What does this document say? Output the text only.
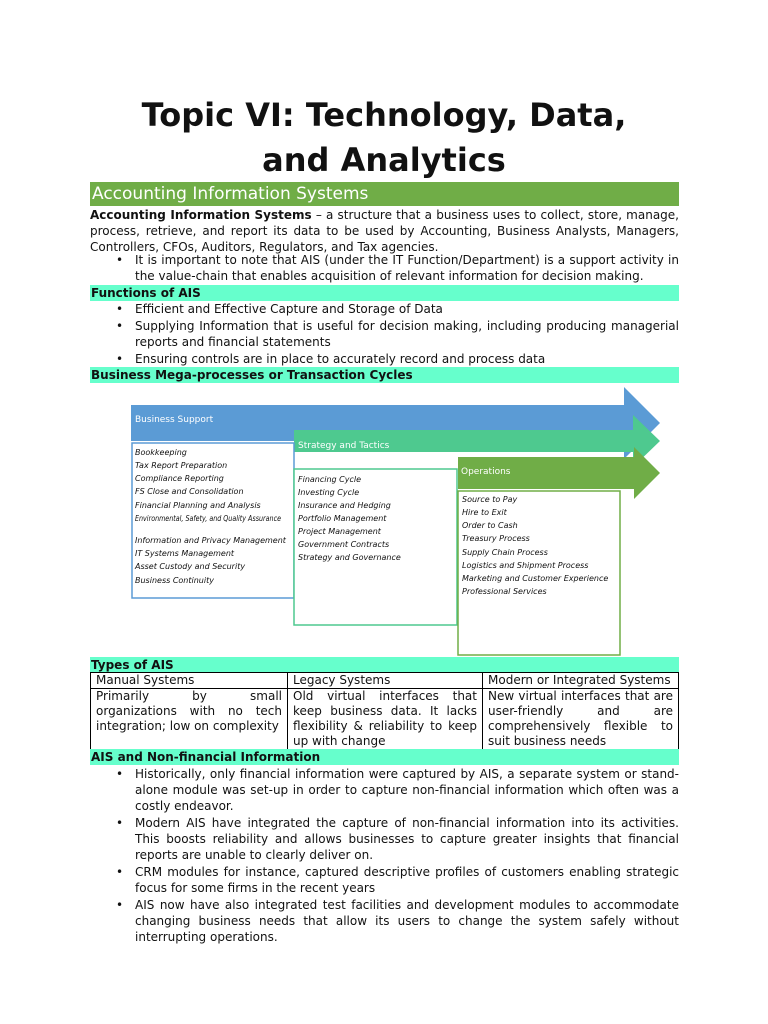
Topic VI: Technology, Data,
and Analytics
Accounting Information Systems
Accounting Information Systems – a structure that a business uses to collect, store, manage, process, retrieve, and report its data to be used by Accounting, Business Analysts, Managers, Controllers, CFOs, Auditors, Regulators, and Tax agencies.
• It is important to note that AIS (under the IT Function/Department) is a support activity in the value-chain that enables acquisition of relevant information for decision making.
Functions of AIS
• Efficient and Effective Capture and Storage of Data
• Supplying Information that is useful for decision making, including producing managerial reports and financial statements
• Ensuring controls are in place to accurately record and process data
Business Mega-processes or Transaction Cycles
Business Support
Strategy and Tactics
Operations
Bookkeeping
Tax Report Preparation
Compliance Reporting
FS Close and Consolidation
Financial Planning and Analysis
Environmental, Safety, and Quality Assurance
Information and Privacy Management
IT Systems Management
Asset Custody and Security
Business Continuity
Financing Cycle
Investing Cycle
Insurance and Hedging
Portfolio Management
Project Management
Government Contracts
Strategy and Governance
Source to Pay
Hire to Exit
Order to Cash
Treasury Process
Supply Chain Process
Logistics and Shipment Process
Marketing and Customer Experience
Professional Services
Types of AIS
Manual Systems	Legacy Systems	Modern or Integrated Systems
Primarily by small organizations with no tech integration; low on complexity	Old virtual interfaces that keep business data. It lacks flexibility & reliability to keep up with change	New virtual interfaces that are user-friendly and are comprehensively flexible to suit business needs
AIS and Non-financial Information
• Historically, only financial information were captured by AIS, a separate system or stand-alone module was set-up in order to capture non-financial information which often was a costly endeavor.
• Modern AIS have integrated the capture of non-financial information into its activities. This boosts reliability and allows businesses to capture greater insights that financial reports are unable to clearly deliver on.
• CRM modules for instance, captured descriptive profiles of customers enabling strategic focus for some firms in the recent years
• AIS now have also integrated test facilities and development modules to accommodate changing business needs that allow its users to change the system safely without interrupting operations.
